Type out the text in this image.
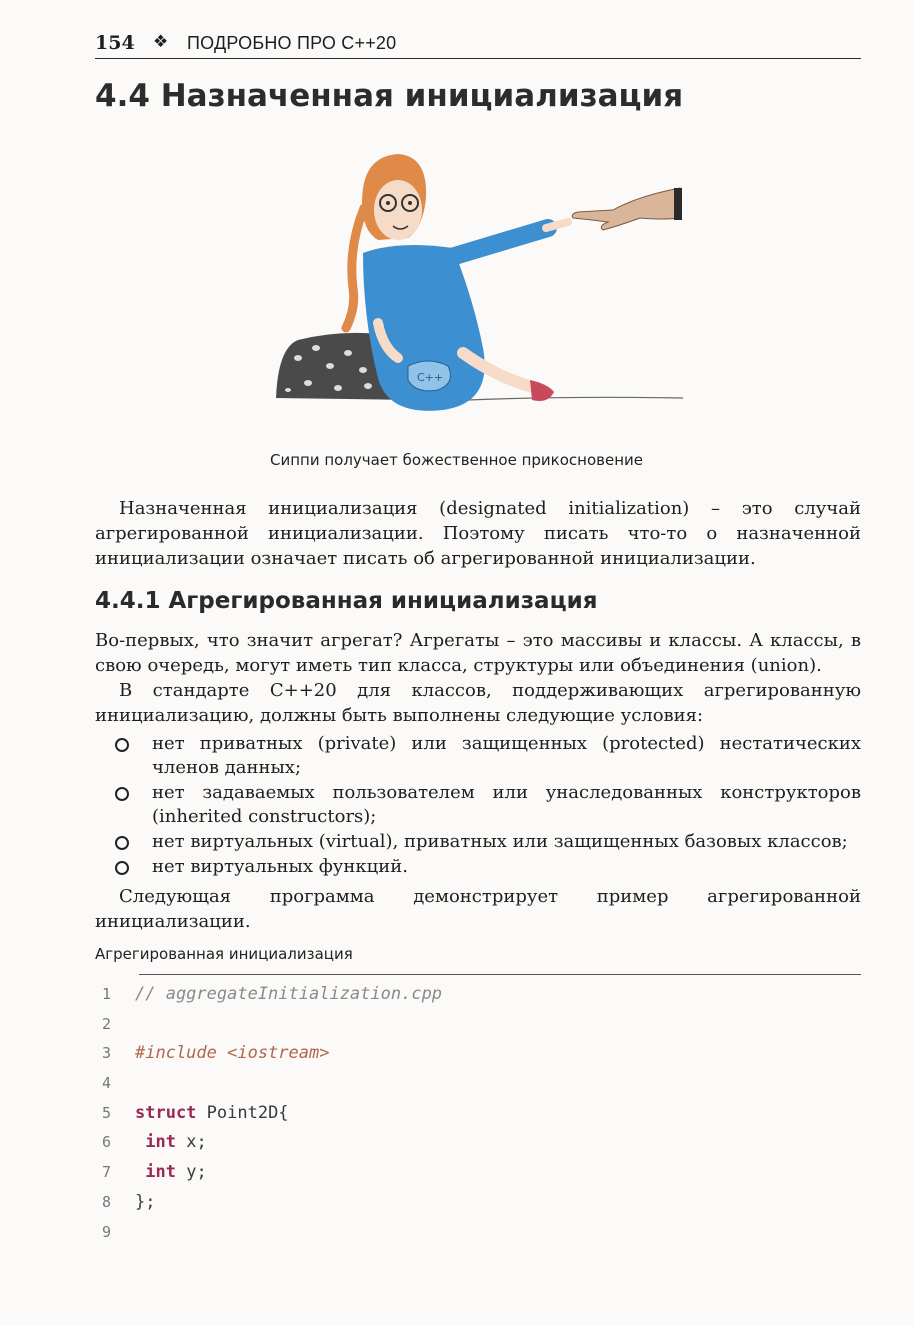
154 ❖ ПОДРОБНО ПРО С++20
4.4 Назначенная инициализация
C++
Сиппи получает божественное прикосновение

Назначенная инициализация (designated initialization) – это случай агрегированной инициализации. Поэтому писать что-то о назначенной инициализации означает писать об агрегированной инициализации.

4.4.1 Агрегированная инициализация

Во-первых, что значит агрегат? Агрегаты – это массивы и классы. А классы, в свою очередь, могут иметь тип класса, структуры или объединения (union).

В стандарте С++20 для классов, поддерживающих агрегированную инициализацию, должны быть выполнены следующие условия:

нет приватных (private) или защищенных (protected) нестатических членов данных;
нет задаваемых пользователем или унаследованных конструкторов (inherited constructors);
нет виртуальных (virtual), приватных или защищенных базовых классов;
нет виртуальных функций.

Следующая программа демонстрирует пример агрегированной инициализации.

Агрегированная инициализация
1 // aggregateInitialization.cpp
2
3 #include <iostream>
4
5 struct Point2D{
6	int x;
7	int y;
8 };
9
